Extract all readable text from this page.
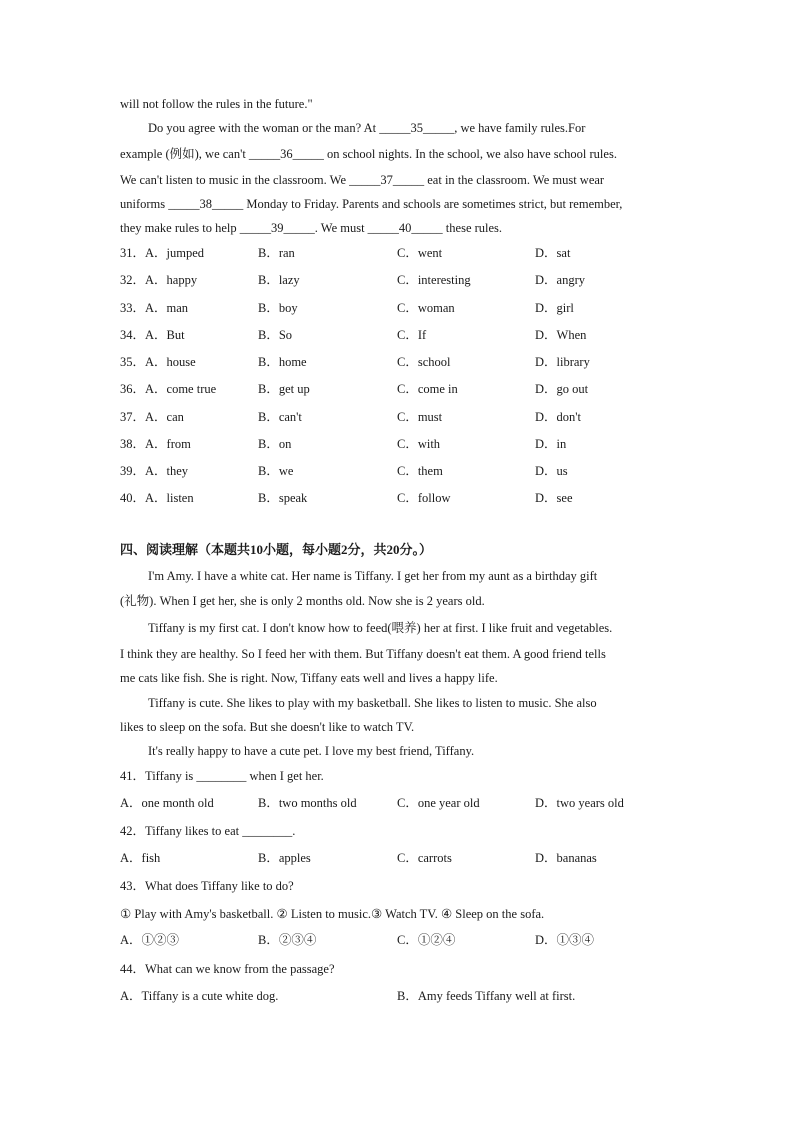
will not follow the rules in the future."
Do you agree with the woman or the man? At _____35_____, we have family rules.For
example (例如), we can't _____36_____ on school nights. In the school, we also have school rules.
We can't listen to music in the classroom. We _____37_____ eat in the classroom. We must wear
uniforms _____38_____ Monday to Friday. Parents and schools are sometimes strict, but remember,
they make rules to help _____39_____. We must _____40_____ these rules.
31．A．jumped	B．ran	C．went	D．sat
32．A．happy	B．lazy	C．interesting	D．angry
33．A．man	B．boy	C．woman	D．girl
34．A．But	B．So	C．If	D．When
35．A．house	B．home	C．school	D．library
36．A．come true	B．get up	C．come in	D．go out
37．A．can	B．can't	C．must	D．don't
38．A．from	B．on	C．with	D．in
39．A．they	B．we	C．them	D．us
40．A．listen	B．speak	C．follow	D．see
四、阅读理解（本题共10小题，每小题2分，共20分。）
I'm Amy. I have a white cat. Her name is Tiffany. I get her from my aunt as a birthday gift
(礼物). When I get her, she is only 2 months old. Now she is 2 years old.
Tiffany is my first cat. I don't know how to feed(喂养) her at first. I like fruit and vegetables.
I think they are healthy. So I feed her with them. But Tiffany doesn't eat them. A good friend tells
me cats like fish. She is right. Now, Tiffany eats well and lives a happy life.
Tiffany is cute. She likes to play with my basketball. She likes to listen to music. She also
likes to sleep on the sofa. But she doesn't like to watch TV.
It's really happy to have a cute pet. I love my best friend, Tiffany.
41．Tiffany is ________ when I get her.
A．one month old	B．two months old	C．one year old	D．two years old
42．Tiffany likes to eat ________.
A．fish	B．apples	C．carrots	D．bananas
43．What does Tiffany like to do?
① Play with Amy's basketball. ② Listen to music.③ Watch TV. ④ Sleep on the sofa.
A．①②③	B．②③④	C．①②④	D．①③④
44．What can we know from the passage?
A．Tiffany is a cute white dog.	B．Amy feeds Tiffany well at first.
